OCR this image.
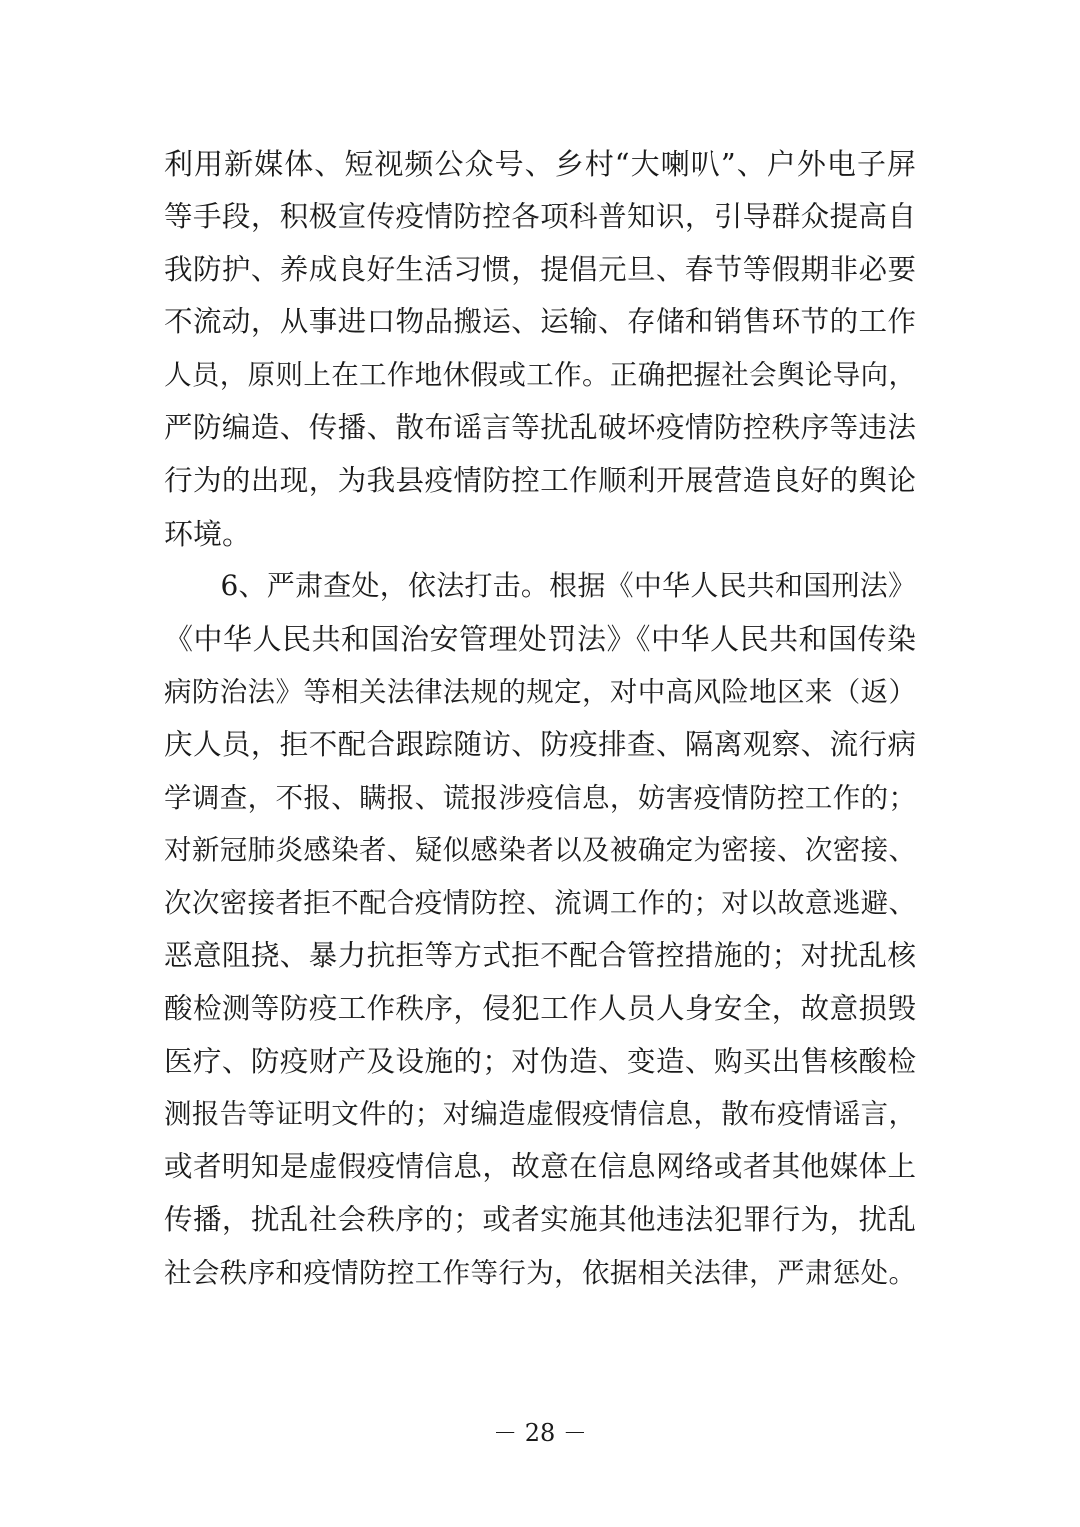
利用新媒体、短视频公众号、乡村“大喇叭”、户外电子屏
等手段，积极宣传疫情防控各项科普知识，引导群众提高自
我防护、养成良好生活习惯，提倡元旦、春节等假期非必要
不流动，从事进口物品搬运、运输、存储和销售环节的工作
人员，原则上在工作地休假或工作。正确把握社会舆论导向，
严防编造、传播、散布谣言等扰乱破坏疫情防控秩序等违法
行为的出现，为我县疫情防控工作顺利开展营造良好的舆论
环境。
　　6、严肃查处，依法打击。根据《中华人民共和国刑法》
《中华人民共和国治安管理处罚法》《中华人民共和国传染
病防治法》等相关法律法规的规定，对中高风险地区来（返）
庆人员，拒不配合跟踪随访、防疫排查、隔离观察、流行病
学调查，不报、瞒报、谎报涉疫信息，妨害疫情防控工作的；
对新冠肺炎感染者、疑似感染者以及被确定为密接、次密接、
次次密接者拒不配合疫情防控、流调工作的；对以故意逃避、
恶意阻挠、暴力抗拒等方式拒不配合管控措施的；对扰乱核
酸检测等防疫工作秩序，侵犯工作人员人身安全，故意损毁
医疗、防疫财产及设施的；对伪造、变造、购买出售核酸检
测报告等证明文件的；对编造虚假疫情信息，散布疫情谣言，
或者明知是虚假疫情信息，故意在信息网络或者其他媒体上
传播，扰乱社会秩序的；或者实施其他违法犯罪行为，扰乱
社会秩序和疫情防控工作等行为，依据相关法律，严肃惩处。
－ 28 －
